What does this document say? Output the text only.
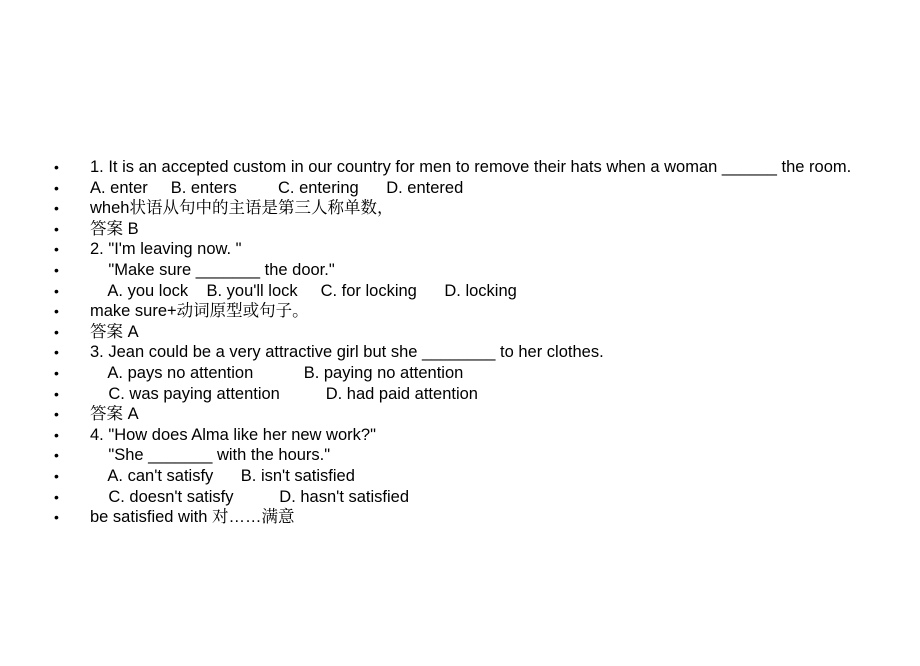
• 1. It is an accepted custom in our country for men to remove their hats when a woman ______ the room.
• A. enter     B. enters         C. entering      D. entered
• wheh状语从句中的主语是第三人称单数，
• 答案 B
• 2. "I'm leaving now. "
• "Make sure _______ the door."
• A. you lock    B. you'll lock     C. for locking      D. locking
• make sure+动词原型或句子。
• 答案 A
• 3. Jean could be a very attractive girl but she ________ to her clothes.
• A. pays no attention           B. paying no attention
• C. was paying attention          D. had paid attention
• 答案 A
• 4. "How does Alma like her new work?"
• "She _______ with the hours."
• A. can't satisfy      B. isn't satisfied
• C. doesn't satisfy          D. hasn't satisfied
• be satisfied with 对……满意
